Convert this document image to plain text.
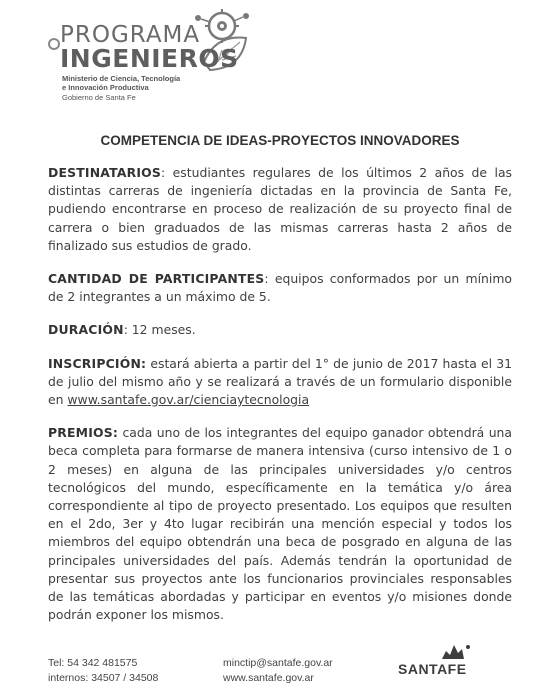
PROGRAMA
INGENIEROS
Ministerio de Ciencia, Tecnología
e Innovación Productiva
Gobierno de Santa Fe
COMPETENCIA DE IDEAS-PROYECTOS INNOVADORES

DESTINATARIOS: estudiantes regulares de los últimos 2 años de las distintas carreras de ingeniería dictadas en la provincia de Santa Fe, pudiendo encontrarse en proceso de realización de su proyecto final de carrera o bien graduados de las mismas carreras hasta 2 años de finalizado sus estudios de grado.

CANTIDAD DE PARTICIPANTES: equipos conformados por un mínimo de 2 integrantes a un máximo de 5.

DURACIÓN: 12 meses.

INSCRIPCIÓN: estará abierta a partir del 1° de junio de 2017 hasta el 31 de julio del mismo año y se realizará a través de un formulario disponible en www.santafe.gov.ar/cienciaytecnologia

PREMIOS: cada uno de los integrantes del equipo ganador obtendrá una beca completa para formarse de manera intensiva (curso intensivo de 1 o 2 meses) en alguna de las principales universidades y/o centros tecnológicos del mundo, específicamente en la temática y/o área correspondiente al tipo de proyecto presentado. Los equipos que resulten en el 2do, 3er y 4to lugar recibirán una mención especial y todos los miembros del equipo obtendrán una beca de posgrado en alguna de las principales universidades del país. Además tendrán la oportunidad de presentar sus proyectos ante los funcionarios provinciales responsables de las temáticas abordadas y participar en eventos y/o misiones donde podrán exponer los mismos.

Tel: 54 342 481575
internos: 34507 / 34508
minctip@santafe.gov.ar
www.santafe.gov.ar
SANTAFE
